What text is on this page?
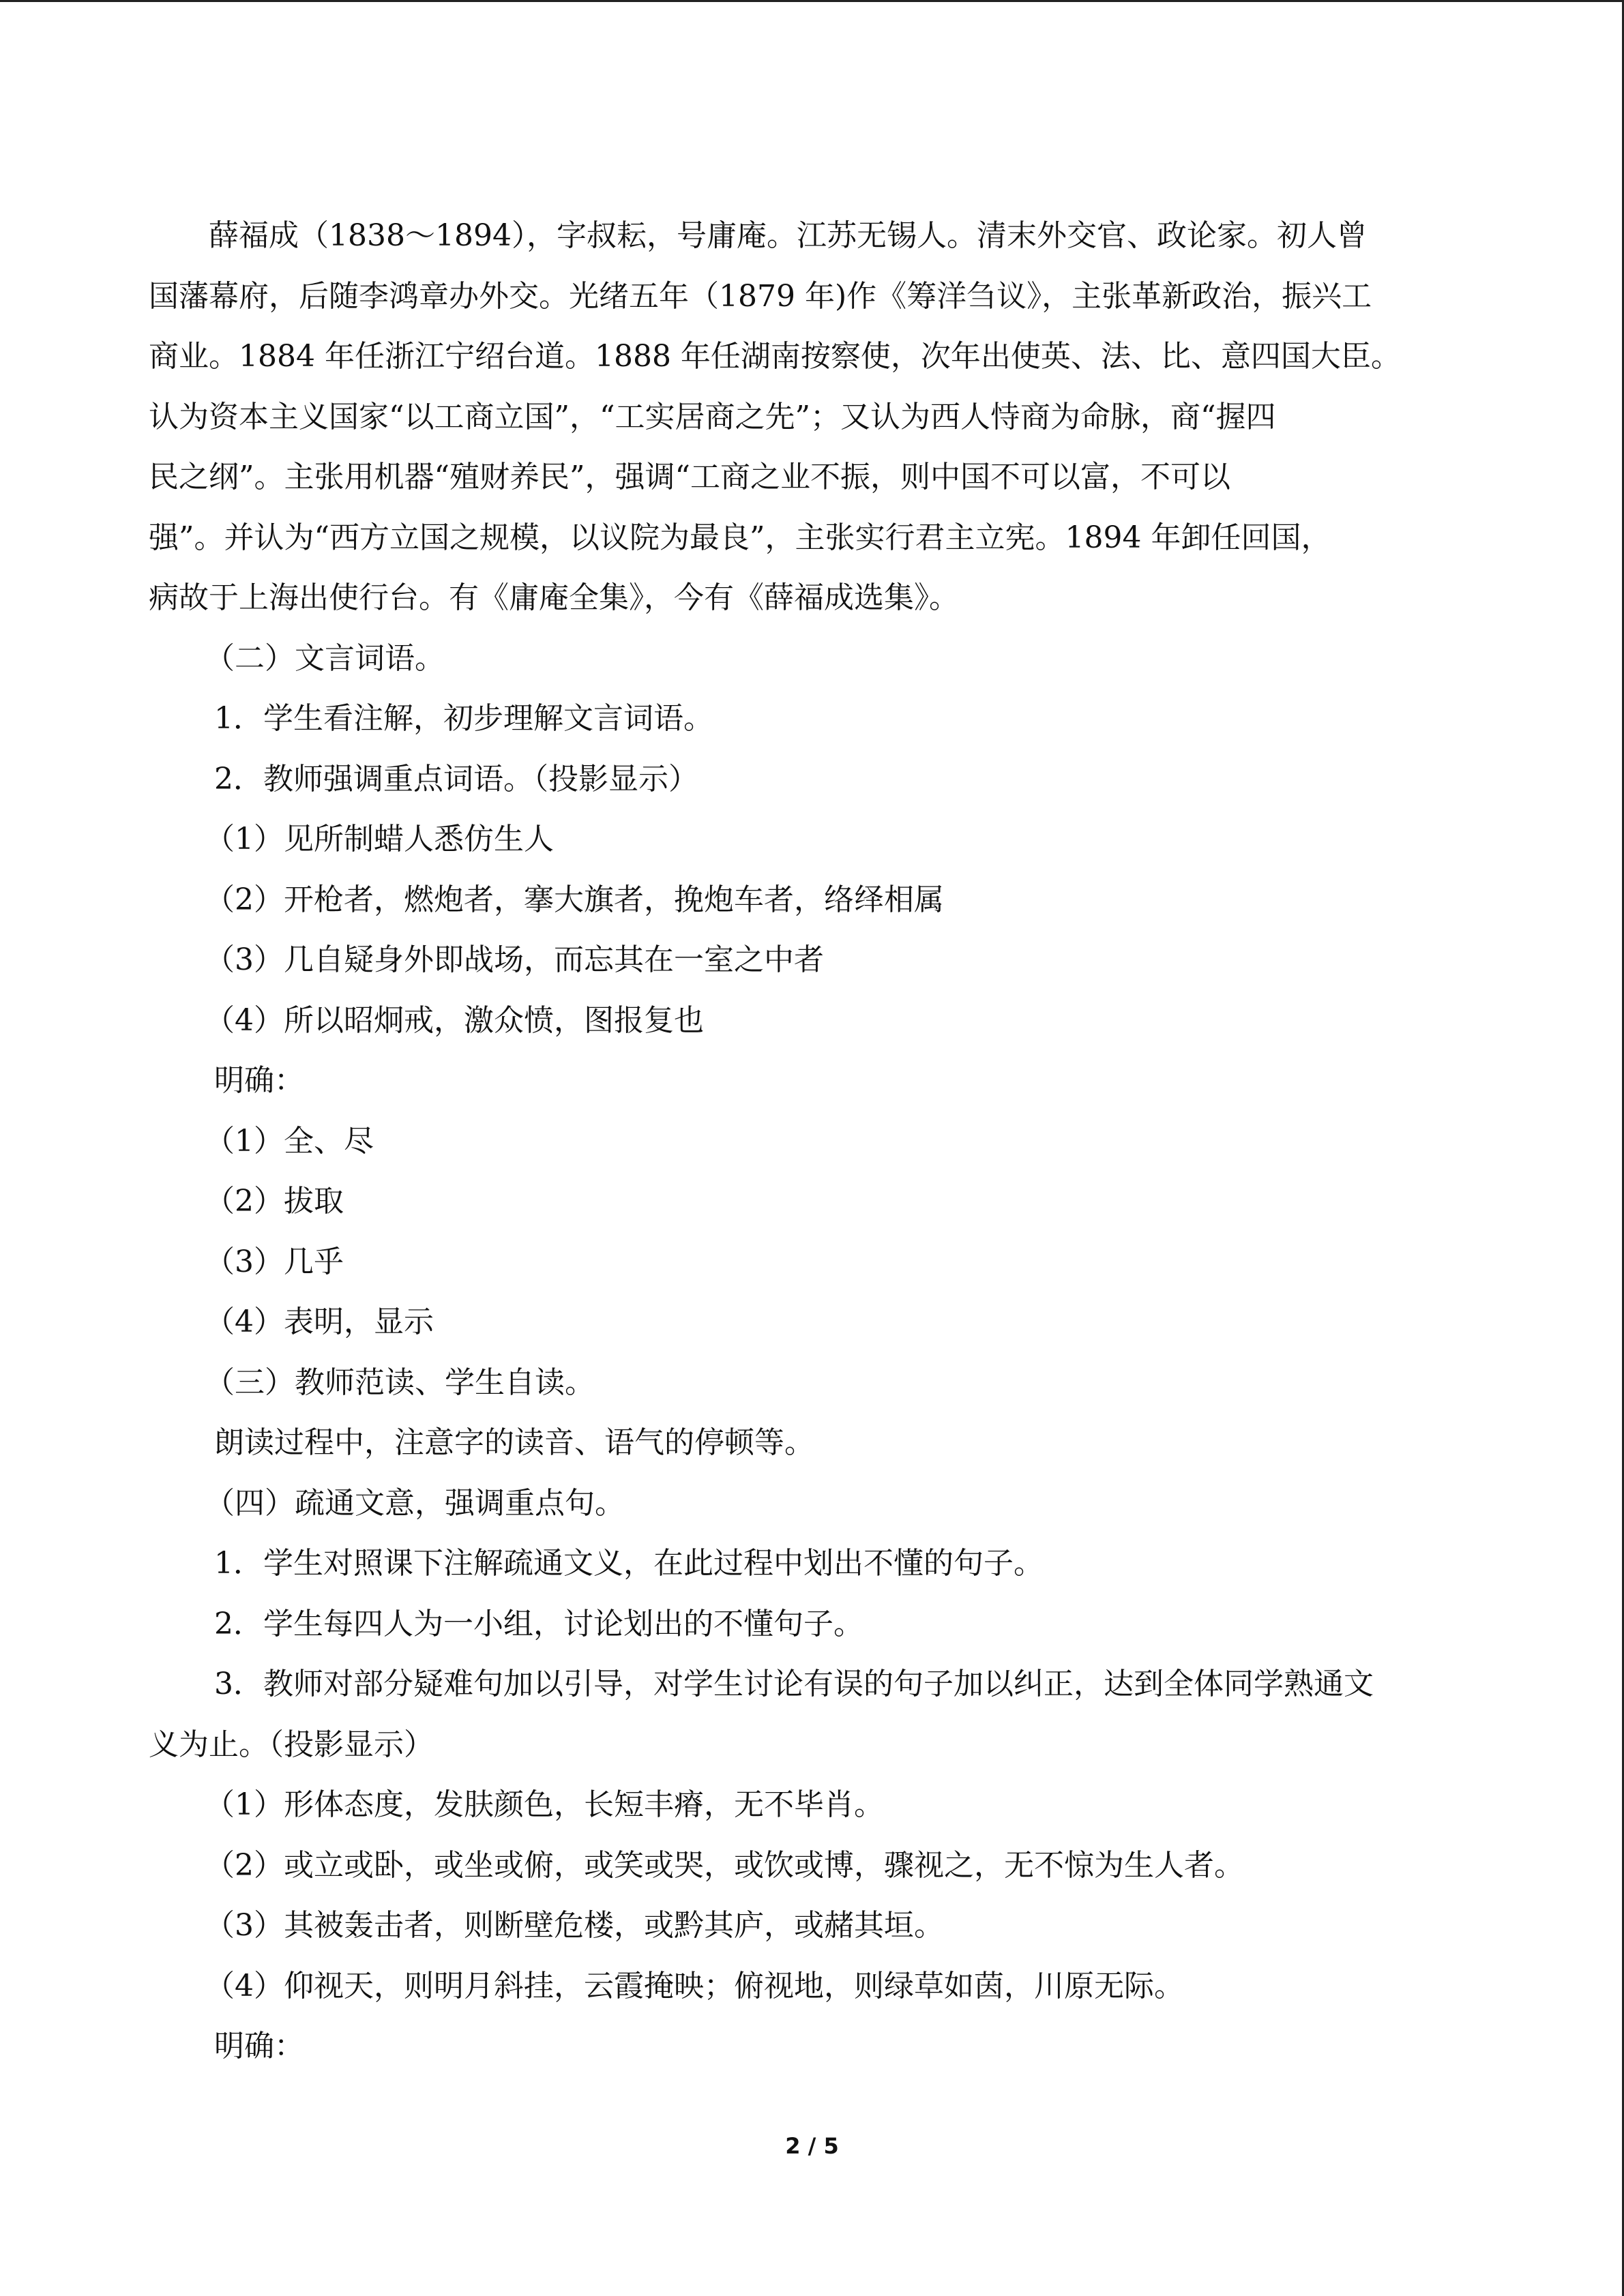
薛福成（1838～1894），字叔耘，号庸庵。江苏无锡人。清末外交官、政论家。初人曾
国藩幕府，后随李鸿章办外交。光绪五年（1879 年)作《筹洋刍议》，主张革新政治，振兴工
商业。1884 年任浙江宁绍台道。1888 年任湖南按察使，次年出使英、法、比、意四国大臣。
认为资本主义国家“以工商立国”，“工实居商之先”；又认为西人恃商为命脉，商“握四
民之纲”。主张用机器“殖财养民”，强调“工商之业不振，则中国不可以富，不可以
强”。并认为“西方立国之规模，以议院为最良”，主张实行君主立宪。1894 年卸任回国，
病故于上海出使行台。有《庸庵全集》，今有《薛福成选集》。

（二）文言词语。

1．学生看注解，初步理解文言词语。

2．教师强调重点词语。（投影显示）

（1）见所制蜡人悉仿生人

（2）开枪者，燃炮者，搴大旗者，挽炮车者，络绎相属

（3）几自疑身外即战场，而忘其在一室之中者

（4）所以昭炯戒，激众愤，图报复也

明确：

（1）全、尽

（2）拔取

（3）几乎

（4）表明，显示

（三）教师范读、学生自读。

朗读过程中，注意字的读音、语气的停顿等。

（四）疏通文意，强调重点句。

1．学生对照课下注解疏通文义，在此过程中划出不懂的句子。

2．学生每四人为一小组，讨论划出的不懂句子。

3．教师对部分疑难句加以引导，对学生讨论有误的句子加以纠正，达到全体同学熟通文

义为止。（投影显示）

（1）形体态度，发肤颜色，长短丰瘠，无不毕肖。

（2）或立或卧，或坐或俯，或笑或哭，或饮或博，骤视之，无不惊为生人者。

（3）其被轰击者，则断壁危楼，或黔其庐，或赭其垣。

（4）仰视天，则明月斜挂，云霞掩映；俯视地，则绿草如茵，川原无际。

明确：

2 / 5
